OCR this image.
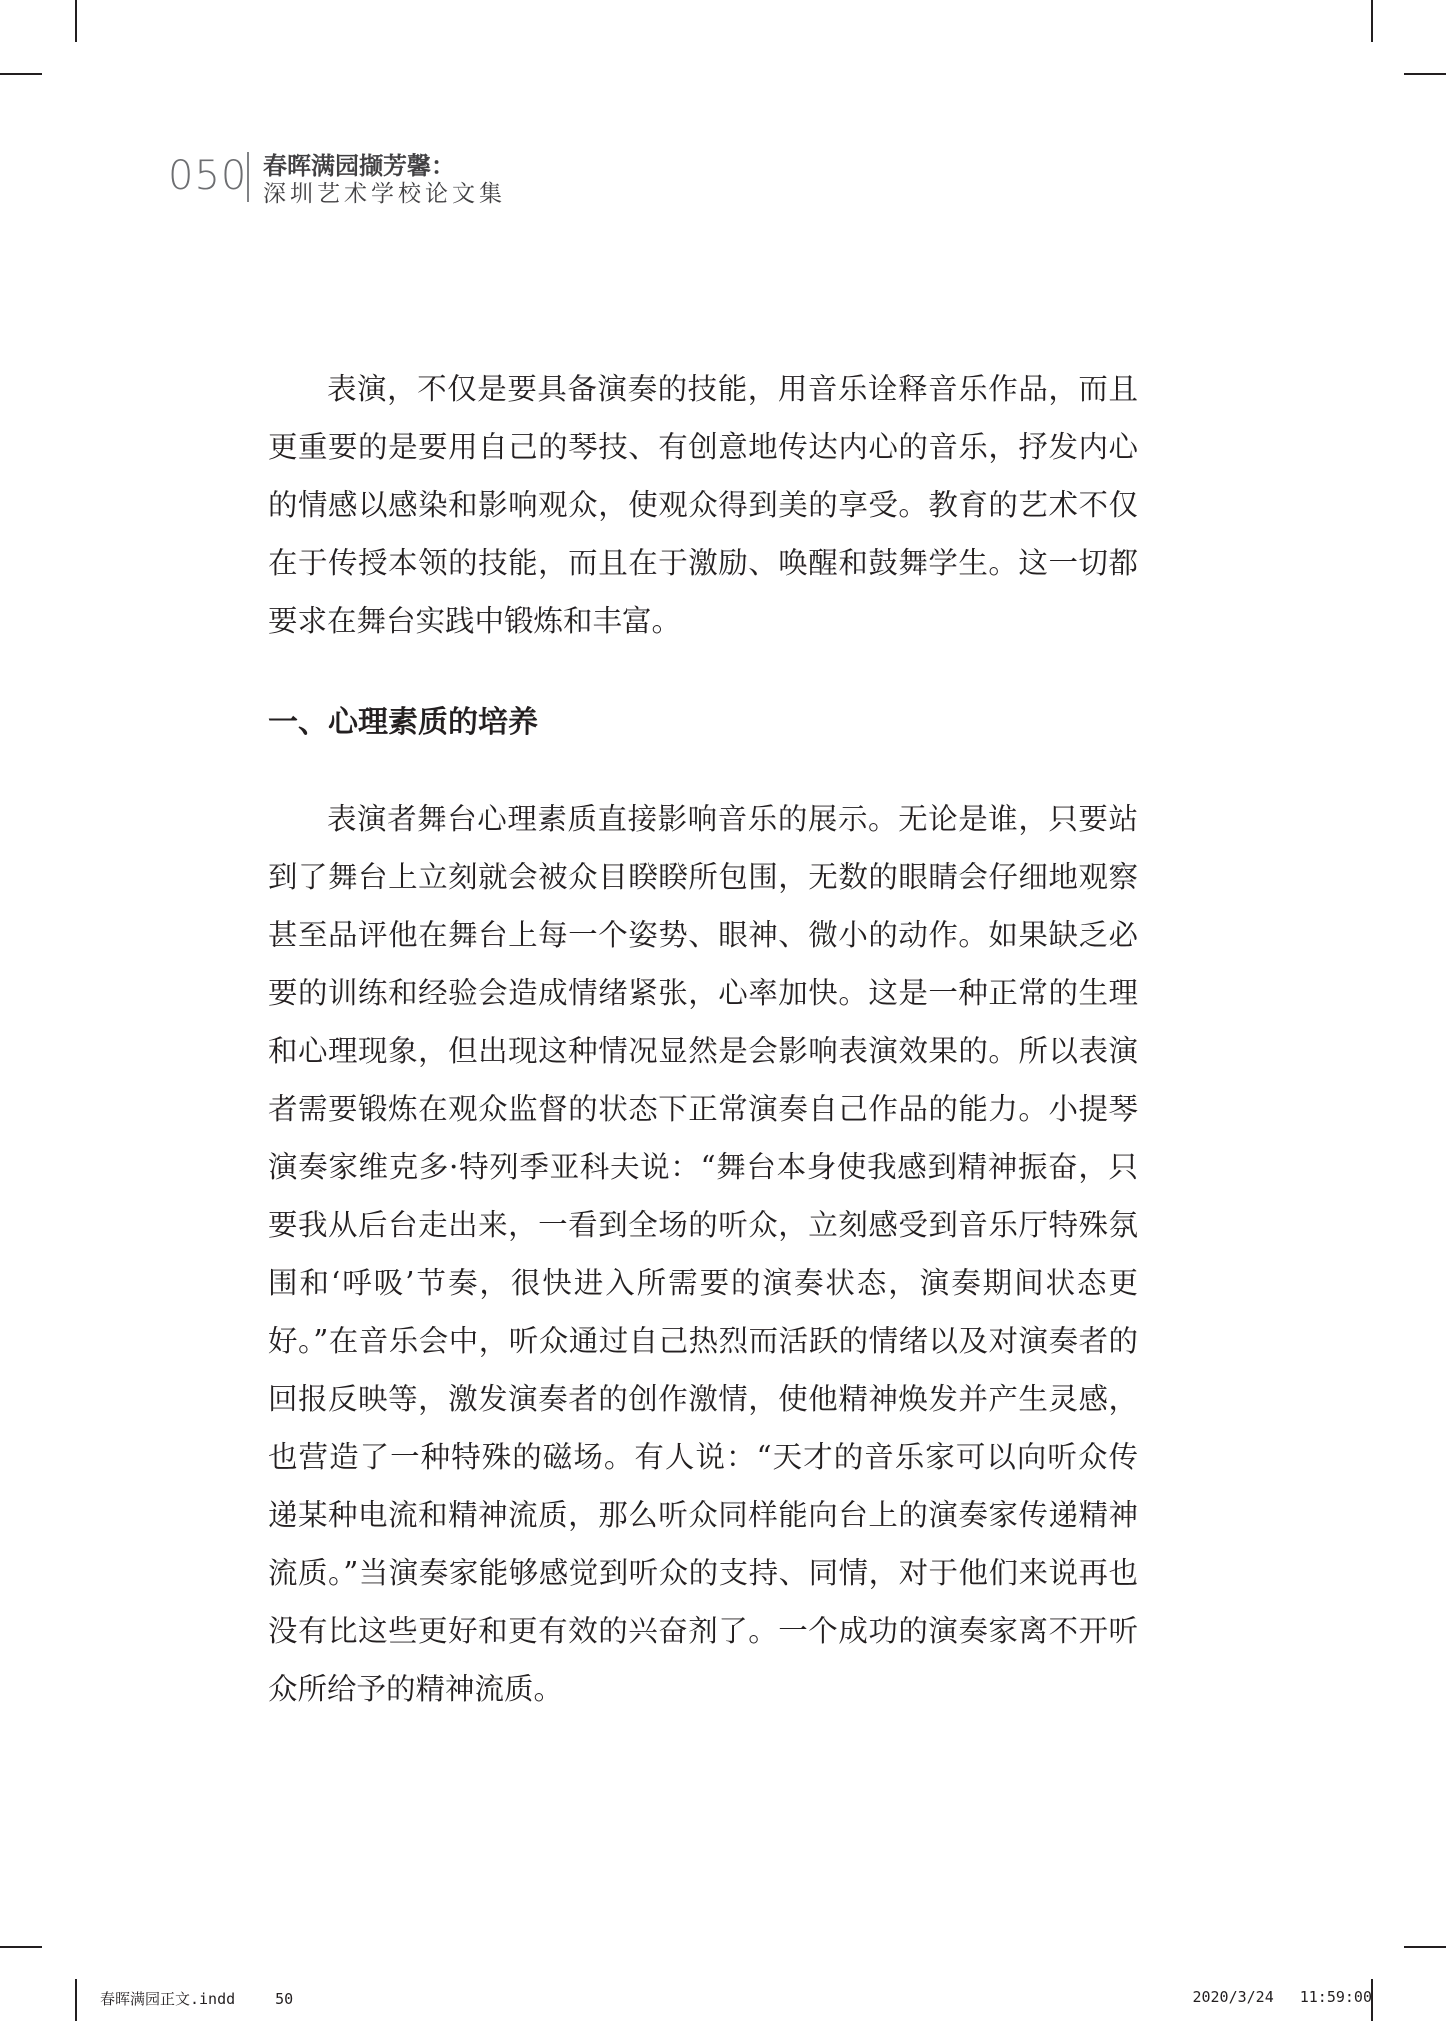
050 春晖满园撷芳馨：
深圳艺术学校论文集

表演，不仅是要具备演奏的技能，用音乐诠释音乐作品，而且更重要的是要用自己的琴技、有创意地传达内心的音乐，抒发内心的情感以感染和影响观众，使观众得到美的享受。教育的艺术不仅在于传授本领的技能，而且在于激励、唤醒和鼓舞学生。这一切都要求在舞台实践中锻炼和丰富。

一、心理素质的培养

表演者舞台心理素质直接影响音乐的展示。无论是谁，只要站到了舞台上立刻就会被众目睽睽所包围，无数的眼睛会仔细地观察甚至品评他在舞台上每一个姿势、眼神、微小的动作。如果缺乏必要的训练和经验会造成情绪紧张，心率加快。这是一种正常的生理和心理现象，但出现这种情况显然是会影响表演效果的。所以表演者需要锻炼在观众监督的状态下正常演奏自己作品的能力。小提琴演奏家维克多·特列季亚科夫说：“舞台本身使我感到精神振奋，只要我从后台走出来，一看到全场的听众，立刻感受到音乐厅特殊氛围和‘呼吸’节奏，很快进入所需要的演奏状态，演奏期间状态更好。”在音乐会中，听众通过自己热烈而活跃的情绪以及对演奏者的回报反映等，激发演奏者的创作激情，使他精神焕发并产生灵感，也营造了一种特殊的磁场。有人说：“天才的音乐家可以向听众传递某种电流和精神流质，那么听众同样能向台上的演奏家传递精神流质。”当演奏家能够感觉到听众的支持、同情，对于他们来说再也没有比这些更好和更有效的兴奋剂了。一个成功的演奏家离不开听众所给予的精神流质。

春晖满园正文.indd	50	2020/3/24 11:59:00
